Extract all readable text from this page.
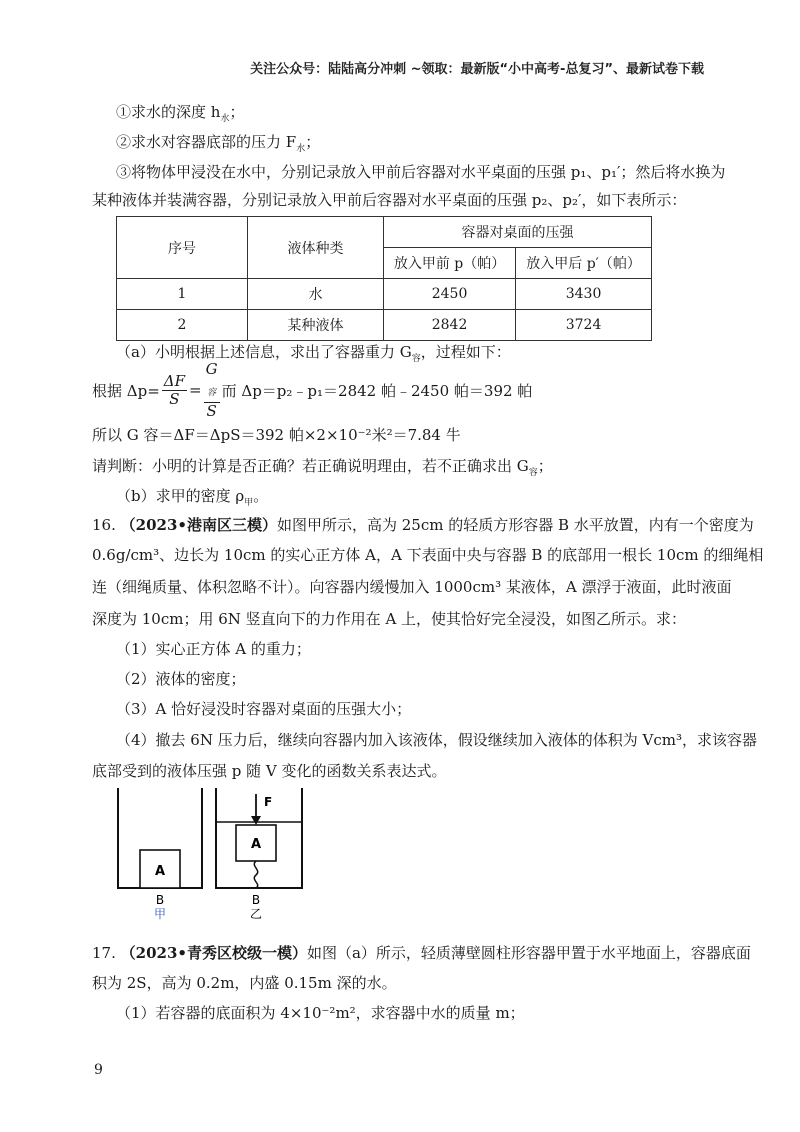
关注公众号：陆陆高分冲刺 ~领取：最新版“小中高考-总复习”、最新试卷下载
①求水的深度 $h_水$；
②求水对容器底部的压力 $F_水$；
③将物体甲浸没在水中，分别记录放入甲前后容器对水平桌面的压强 p₁、p₁′；然后将水换为
某种液体并装满容器，分别记录放入甲前后容器对水平桌面的压强 p₂、p₂′，如下表所示：
序号	液体种类	容器对桌面的压强	
		放入甲前 p（帕）	放入甲后 p′（帕）
1	水	2450	3430
2	某种液体	2842	3724
（a）小明根据上述信息，求出了容器重力 $G_容$，过程如下：
根据 $\Delta p= \frac{\Delta F}{S} = G$
$_容$
S 而 Δp＝p₂﹣p₁＝2842 帕﹣2450 帕＝392 帕
所以 G 容＝ΔF＝ΔpS＝392 帕×2×10⁻²米²＝7.84 牛
请判断：小明的计算是否正确？若正确说明理由，若不正确求出 $G_容$；
（b）求甲的密度 $\rho_甲$。
16. （2023•港南区三模）如图甲所示，高为 25cm 的轻质方形容器 B 水平放置，内有一个密度为
0.6g/cm³、边长为 10cm 的实心正方体 A，A 下表面中央与容器 B 的底部用一根长 10cm 的细绳相
连（细绳质量、体积忽略不计）。向容器内缓慢加入 1000cm³ 某液体，A 漂浮于液面，此时液面
深度为 10cm；用 6N 竖直向下的力作用在 A 上，使其恰好完全浸没，如图乙所示。求：
（1）实心正方体 A 的重力；
（2）液体的密度；
（3）A 恰好浸没时容器对桌面的压强大小；
（4）撤去 6N 压力后，继续向容器内加入该液体，假设继续加入液体的体积为 Vcm³，求该容器
底部受到的液体压强 p 随 V 变化的函数关系表达式。
A
B
甲
A
F
B
乙
17. （2023•青秀区校级一模）如图（a）所示，轻质薄壁圆柱形容器甲置于水平地面上，容器底面
积为 2S，高为 0.2m，内盛 0.15m 深的水。
（1）若容器的底面积为 4×10⁻²m²，求容器中水的质量 m；
9
